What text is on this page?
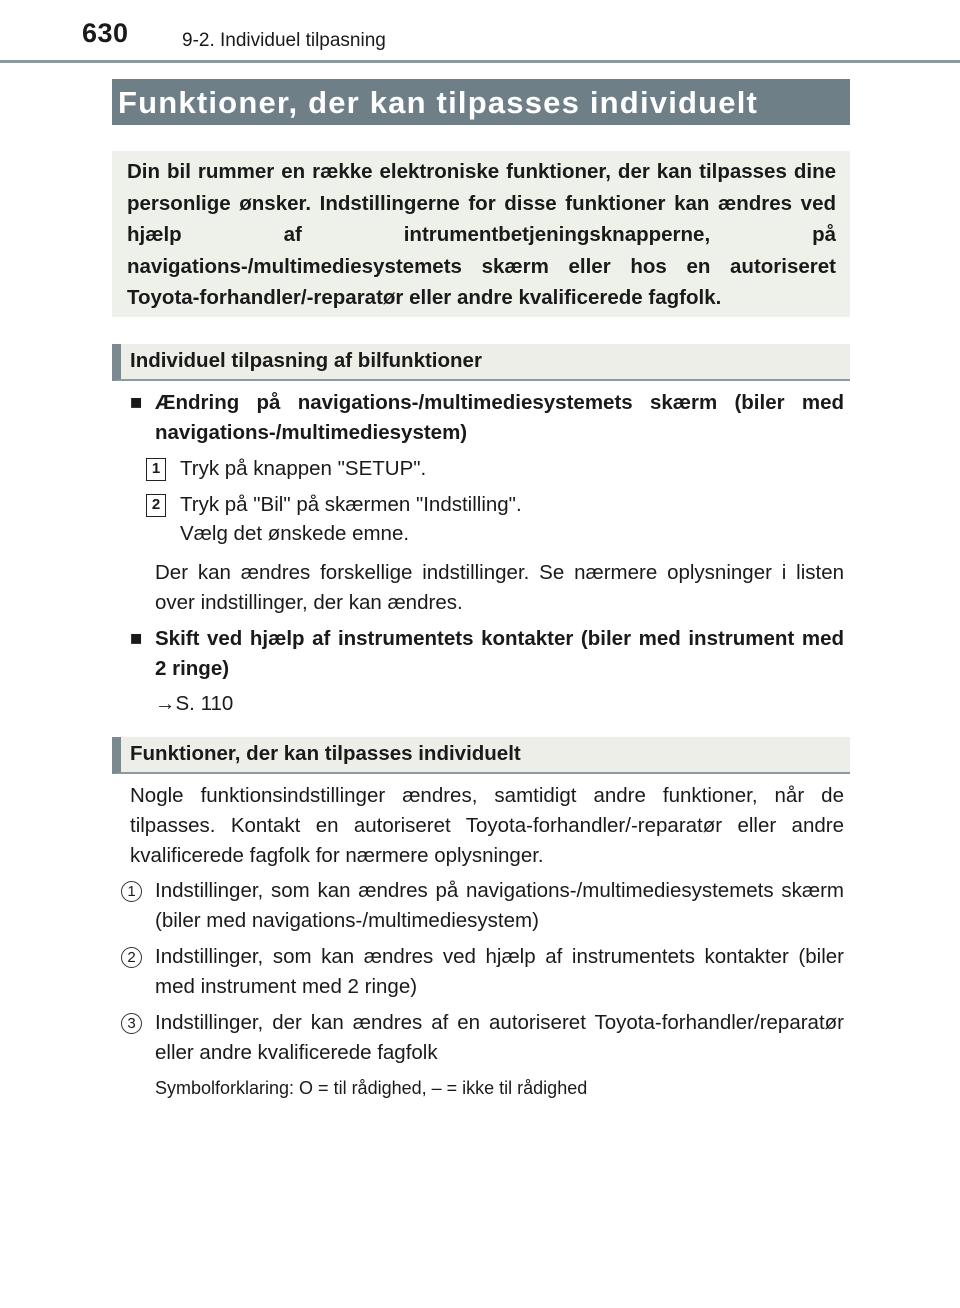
630	9-2. Individuel tilpasning
Funktioner, der kan tilpasses individuelt
Din bil rummer en række elektroniske funktioner, der kan tilpasses dine personlige ønsker. Indstillingerne for disse funktioner kan ændres ved hjælp af intrumentbetjeningsknapperne, på navigations-/multimediesystemets skærm eller hos en autoriseret Toyota-forhandler/-reparatør eller andre kvalificerede fagfolk.
Individuel tilpasning af bilfunktioner
■ Ændring på navigations-/multimediesystemets skærm (biler med navigations-/multimediesystem)
1 Tryk på knappen "SETUP".
2 Tryk på "Bil" på skærmen "Indstilling".
Vælg det ønskede emne.
Der kan ændres forskellige indstillinger. Se nærmere oplysninger i listen over indstillinger, der kan ændres.
■ Skift ved hjælp af instrumentets kontakter (biler med instrument med 2 ringe)
→S. 110
Funktioner, der kan tilpasses individuelt
Nogle funktionsindstillinger ændres, samtidigt andre funktioner, når de tilpasses. Kontakt en autoriseret Toyota-forhandler/-reparatør eller andre kvalificerede fagfolk for nærmere oplysninger.
1 Indstillinger, som kan ændres på navigations-/multimediesystemets skærm (biler med navigations-/multimediesystem)
2 Indstillinger, som kan ændres ved hjælp af instrumentets kontakter (biler med instrument med 2 ringe)
3 Indstillinger, der kan ændres af en autoriseret Toyota-forhandler/reparatør eller andre kvalificerede fagfolk
Symbolforklaring: O = til rådighed, – = ikke til rådighed
